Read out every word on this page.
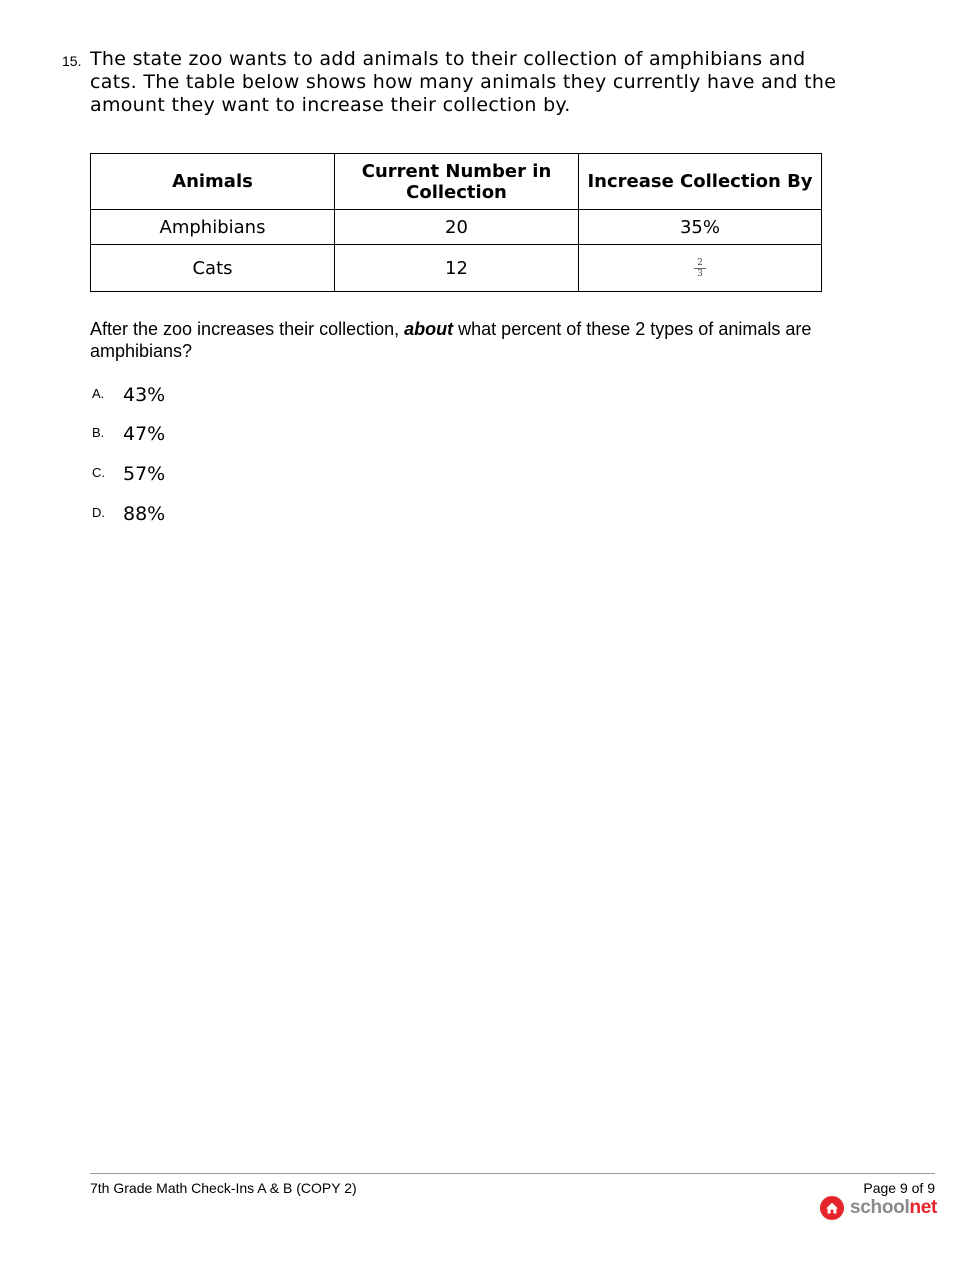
15. The state zoo wants to add animals to their collection of amphibians and cats. The table below shows how many animals they currently have and the amount they want to increase their collection by.
Animals	Current Number in Collection	Increase Collection By
Amphibians	20	35%
Cats	12	$\frac{2}{3}$
After the zoo increases their collection, about what percent of these 2 types of animals are amphibians?
A. 43%
B. 47%
C. 57%
D. 88%
7th Grade Math Check-Ins A & B (COPY 2)	Page 9 of 9
schoolnet
